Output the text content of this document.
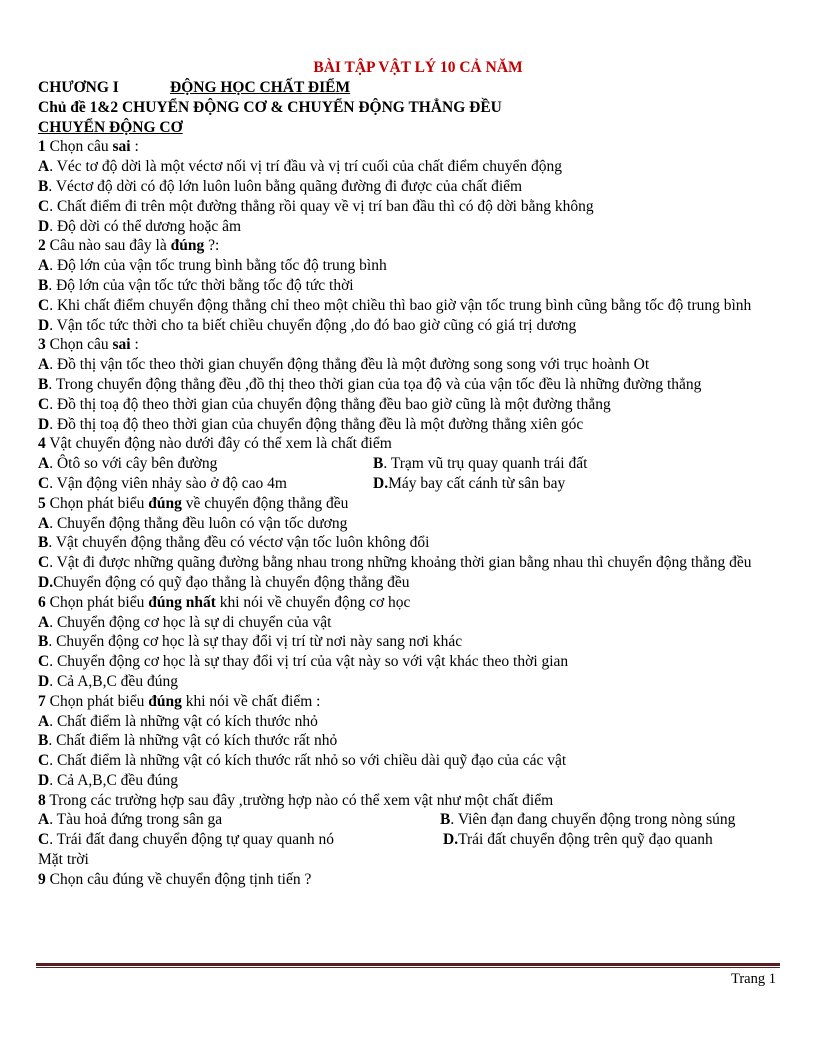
BÀI TẬP VẬT LÝ 10 CẢ NĂM
CHƯƠNG I	ĐỘNG HỌC CHẤT ĐIỂM
Chủ đề 1&2 CHUYỂN ĐỘNG CƠ & CHUYỂN ĐỘNG THẲNG ĐỀU
CHUYỂN ĐỘNG CƠ
1 Chọn câu sai :
A. Véc tơ độ dời là một véctơ nối vị trí đầu và vị trí cuối của chất điểm chuyển động
B. Véctơ độ dời có độ lớn luôn luôn bằng quãng đường đi được của chất điểm
C. Chất điểm đi trên một đường thẳng rồi quay về vị trí ban đầu thì có độ dời bằng không
D. Độ dời có thể dương hoặc âm
2 Câu nào sau đây là đúng ?:
A. Độ lớn của vận tốc trung bình bằng tốc độ trung bình
B. Độ lớn của vận tốc tức thời bằng tốc độ tức thời
C. Khi chất điểm chuyển động thẳng chỉ theo một chiều thì bao giờ vận tốc trung bình cũng bằng tốc độ trung bình
D. Vận tốc tức thời cho ta biết chiều chuyển động ,do đó bao giờ cũng có giá trị dương
3 Chọn câu sai :
A. Đồ thị vận tốc theo thời gian chuyển động thẳng đều là một đường song song với trục hoành Ot
B. Trong chuyển động thẳng đều ,đồ thị theo thời gian của tọa độ và của vận tốc đều là những đường thẳng
C. Đồ thị toạ độ theo thời gian của chuyển động thẳng đều bao giờ cũng là một đường thẳng
D. Đồ thị toạ độ theo thời gian của chuyển động thẳng đều là một đường thẳng xiên góc
4 Vật chuyển động nào dưới đây có thể xem là chất điểm
A. Ôtô so với cây bên đường	B. Trạm vũ trụ quay quanh trái đất
C. Vận động viên nhảy sào ở độ cao 4m	D.Máy bay cất cánh từ sân bay
5 Chọn phát biểu đúng về chuyển động thẳng đều
A. Chuyển động thẳng đều luôn có vận tốc dương
B. Vật chuyển động thẳng đều có véctơ vận tốc luôn không đổi
C. Vật đi được những quãng đường bằng nhau trong những khoảng thời gian bằng nhau thì chuyển động thẳng đều
D.Chuyển động có quỹ đạo thẳng là chuyển động thẳng đều
6 Chọn phát biểu đúng nhất khi nói về chuyển động cơ học
A. Chuyển động cơ học là sự di chuyển của vật
B. Chuyển động cơ học là sự thay đổi vị trí từ nơi này sang nơi khác
C. Chuyển động cơ học là sự thay đổi vị trí của vật này so với vật khác theo thời gian
D. Cả A,B,C đều đúng
7 Chọn phát biểu đúng khi nói về chất điểm :
A. Chất điểm là những vật có kích thước nhỏ
B. Chất điểm là những vật có kích thước rất nhỏ
C. Chất điểm là những vật có kích thước rất nhỏ so với chiều dài quỹ đạo của các vật
D. Cả A,B,C đều đúng
8 Trong các trường hợp sau đây ,trường hợp nào có thể xem vật như một chất điểm
A. Tàu hoả đứng trong sân ga	B. Viên đạn đang chuyển động trong nòng súng
C. Trái đất đang chuyển động tự quay quanh nó	D.Trái đất chuyển động trên quỹ đạo quanh
Mặt trời
9 Chọn câu đúng về chuyển động tịnh tiến ?
Trang 1
